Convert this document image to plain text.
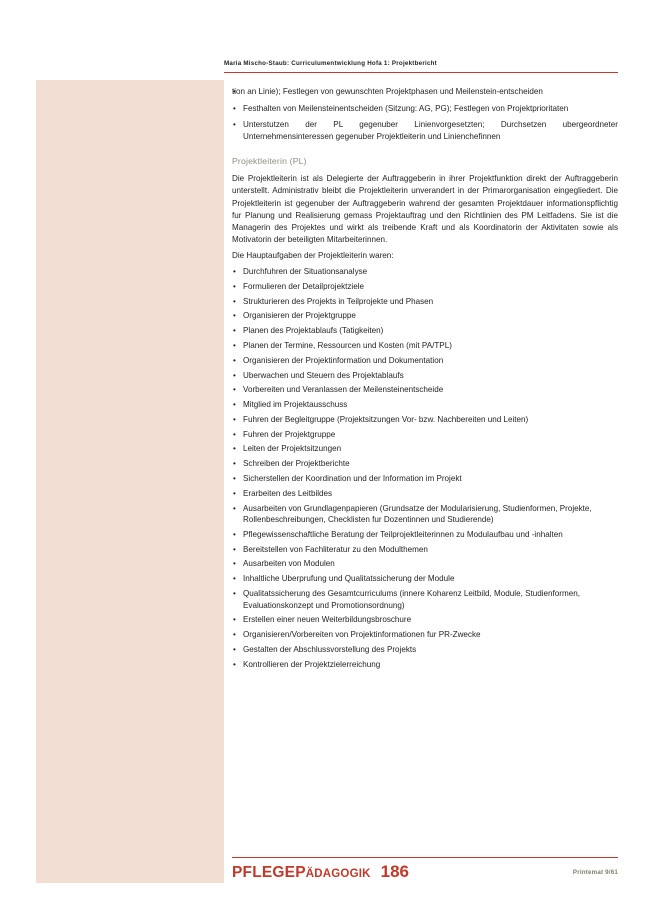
Maria Mischo-Staub: Curriculumentwicklung Hofa 1: Projektbericht
• tion an Linie); Festlegen von gewunschten Projektphasen und Meilenstein-entscheiden
• Festhalten von Meilensteinentscheiden (Sitzung: AG, PG); Festlegen von Projektprioritaten
• Unterstutzen der PL gegenuber Linienvorgesetzten; Durchsetzen ubergeordneter Unternehmensinteressen gegenuber Projektleiterin und Linienchefinnen
Projektleiterin (PL)

Die Projektleiterin ist als Delegierte der Auftraggeberin in ihrer Projektfunktion direkt der Auftraggeberin unterstellt. Administrativ bleibt die Projektleiterin unverandert in der Primarorganisation eingegliedert. Die Projektleiterin ist gegenuber der Auftraggeberin wahrend der gesamten Projektdauer informationspflichtig fur Planung und Realisierung gemass Projektauftrag und den Richtlinien des PM Leitfadens. Sie ist die Managerin des Projektes und wirkt als treibende Kraft und als Koordinatorin der Aktivitaten sowie als Motivatorin der beteiligten Mitarbeiterinnen.

Die Hauptaufgaben der Projektleiterin waren:

• Durchfuhren der Situationsanalyse
• Formulieren der Detailprojektziele
• Strukturieren des Projekts in Teilprojekte und Phasen
• Organisieren der Projektgruppe
• Planen des Projektablaufs (Tatigkeiten)
• Planen der Termine, Ressourcen und Kosten (mit PA/TPL)
• Organisieren der Projektinformation und Dokumentation
• Uberwachen und Steuern des Projektablaufs
• Vorbereiten und Veranlassen der Meilensteinentscheide
• Mitglied im Projektausschuss
• Fuhren der Begleitgruppe (Projektsitzungen Vor- bzw. Nachbereiten und Leiten)
• Fuhren der Projektgruppe
• Leiten der Projektsitzungen
• Schreiben der Projektberichte
• Sicherstellen der Koordination und der Information im Projekt
• Erarbeiten des Leitbildes
• Ausarbeiten von Grundlagenpapieren (Grundsatze der Modularisierung, Studienformen, Projekte, Rollenbeschreibungen, Checklisten fur Dozentinnen und Studierende)
• Pflegewissenschaftliche Beratung der Teilprojektleiterinnen zu Modulaufbau und -inhalten
• Bereitstellen von Fachliteratur zu den Modulthemen
• Ausarbeiten von Modulen
• Inhaltliche Uberprufung und Qualitatssicherung der Module
• Qualitatssicherung des Gesamtcurriculums (innere Koharenz Leitbild, Module, Studienformen, Evaluationskonzept und Promotionsordnung)
• Erstellen einer neuen Weiterbildungsbroschure
• Organisieren/Vorbereiten von Projektinformationen fur PR-Zwecke
• Gestalten der Abschlussvorstellung des Projekts
• Kontrollieren der Projektzielerreichung
PFLEGEPÄDAGOGIK 186	Printemat 9/61
